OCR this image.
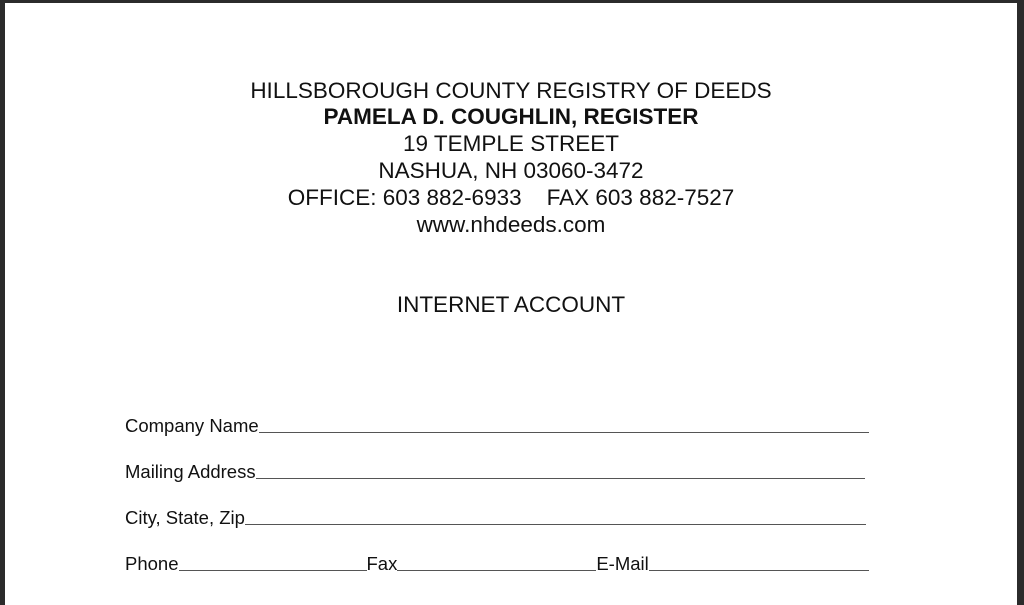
HILLSBOROUGH COUNTY REGISTRY OF DEEDS
PAMELA D. COUGHLIN, REGISTER
19 TEMPLE STREET
NASHUA, NH 03060-3472
OFFICE: 603 882-6933    FAX 603 882-7527
www.nhdeeds.com
INTERNET ACCOUNT
Company Name
Mailing Address
City, State, Zip
Phone	Fax	E-Mail
